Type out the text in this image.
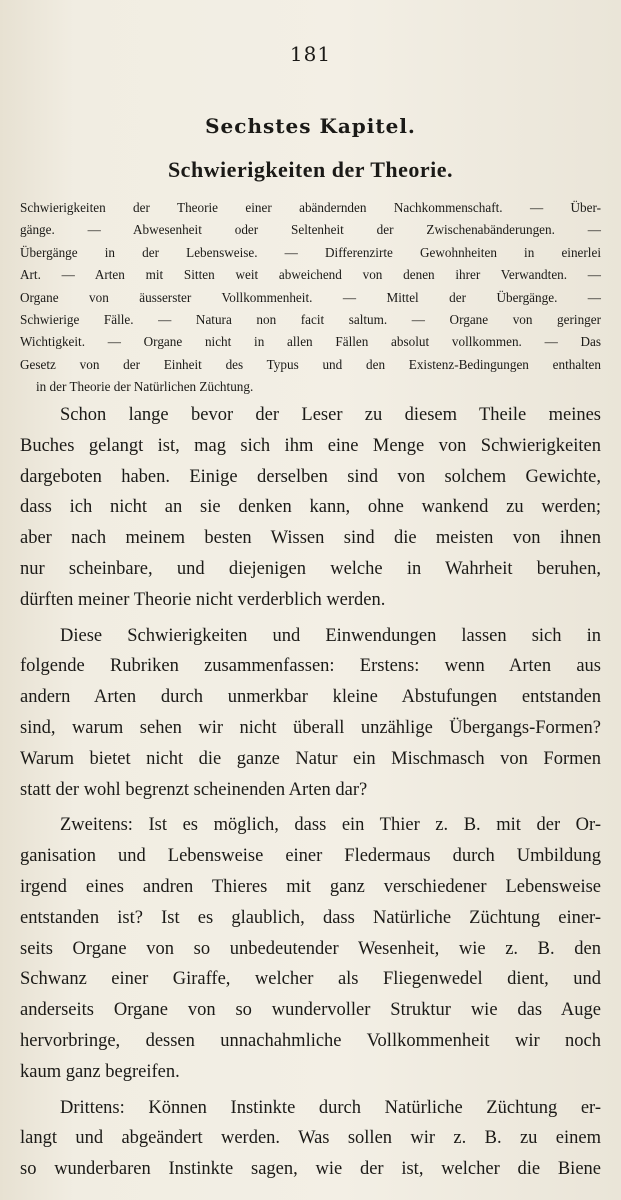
181
Sechstes Kapitel.
Schwierigkeiten der Theorie.
Schwierigkeiten der Theorie einer abändernden Nachkommenschaft. — Über-
gänge. — Abwesenheit oder Seltenheit der Zwischenabänderungen. —
Übergänge in der Lebensweise. — Differenzirte Gewohnheiten in einerlei
Art. — Arten mit Sitten weit abweichend von denen ihrer Verwandten. —
Organe von äusserster Vollkommenheit. — Mittel der Übergänge. —
Schwierige Fälle. — Natura non facit saltum. — Organe von geringer
Wichtigkeit. — Organe nicht in allen Fällen absolut vollkommen. — Das
Gesetz von der Einheit des Typus und den Existenz-Bedingungen enthalten
in der Theorie der Natürlichen Züchtung.
Schon lange bevor der Leser zu diesem Theile meines
Buches gelangt ist, mag sich ihm eine Menge von Schwierigkeiten
dargeboten haben. Einige derselben sind von solchem Gewichte,
dass ich nicht an sie denken kann, ohne wankend zu werden;
aber nach meinem besten Wissen sind die meisten von ihnen
nur scheinbare, und diejenigen welche in Wahrheit beruhen,
dürften meiner Theorie nicht verderblich werden.
Diese Schwierigkeiten und Einwendungen lassen sich in
folgende Rubriken zusammenfassen: Erstens: wenn Arten aus
andern Arten durch unmerkbar kleine Abstufungen entstanden
sind, warum sehen wir nicht überall unzählige Übergangs-Formen?
Warum bietet nicht die ganze Natur ein Mischmasch von Formen
statt der wohl begrenzt scheinenden Arten dar?
Zweitens: Ist es möglich, dass ein Thier z. B. mit der Or-
ganisation und Lebensweise einer Fledermaus durch Umbildung
irgend eines andren Thieres mit ganz verschiedener Lebensweise
entstanden ist? Ist es glaublich, dass Natürliche Züchtung einer-
seits Organe von so unbedeutender Wesenheit, wie z. B. den
Schwanz einer Giraffe, welcher als Fliegenwedel dient, und
anderseits Organe von so wundervoller Struktur wie das Auge
hervorbringe, dessen unnachahmliche Vollkommenheit wir noch
kaum ganz begreifen.
Drittens: Können Instinkte durch Natürliche Züchtung er-
langt und abgeändert werden. Was sollen wir z. B. zu einem
so wunderbaren Instinkte sagen, wie der ist, welcher die Biene
